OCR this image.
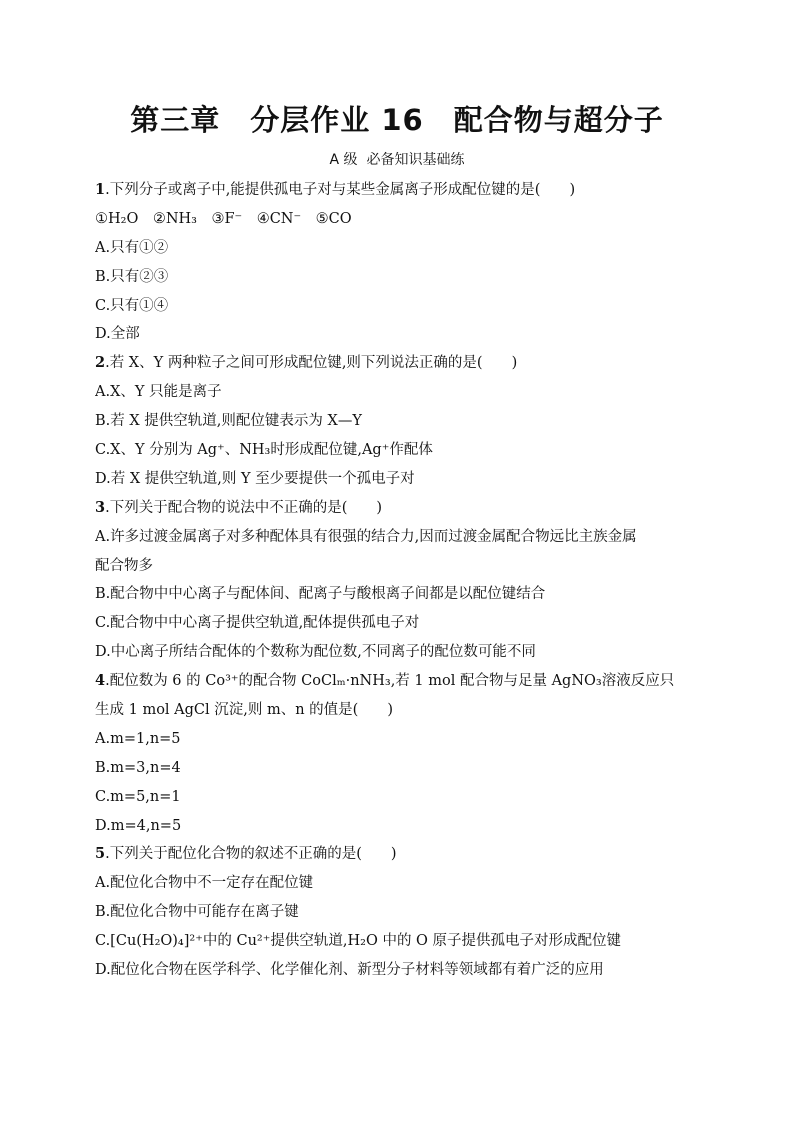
第三章　分层作业 16　配合物与超分子
A 级  必备知识基础练
1.下列分子或离子中,能提供孤电子对与某些金属离子形成配位键的是(　　)
①H₂O　②NH₃　③F⁻　④CN⁻　⑤CO
A.只有①②
B.只有②③
C.只有①④
D.全部
2.若 X、Y 两种粒子之间可形成配位键,则下列说法正确的是(　　)
A.X、Y 只能是离子
B.若 X 提供空轨道,则配位键表示为 X—Y
C.X、Y 分别为 Ag⁺、NH₃时形成配位键,Ag⁺作配体
D.若 X 提供空轨道,则 Y 至少要提供一个孤电子对
3.下列关于配合物的说法中不正确的是(　　)
A.许多过渡金属离子对多种配体具有很强的结合力,因而过渡金属配合物远比主族金属
配合物多
B.配合物中中心离子与配体间、配离子与酸根离子间都是以配位键结合
C.配合物中中心离子提供空轨道,配体提供孤电子对
D.中心离子所结合配体的个数称为配位数,不同离子的配位数可能不同
4.配位数为 6 的 Co³⁺的配合物 CoClₘ·nNH₃,若 1 mol 配合物与足量 AgNO₃溶液反应只
生成 1 mol AgCl 沉淀,则 m、n 的值是(　　)
A.m=1,n=5
B.m=3,n=4
C.m=5,n=1
D.m=4,n=5
5.下列关于配位化合物的叙述不正确的是(　　)
A.配位化合物中不一定存在配位键
B.配位化合物中可能存在离子键
C.[Cu(H₂O)₄]²⁺中的 Cu²⁺提供空轨道,H₂O 中的 O 原子提供孤电子对形成配位键
D.配位化合物在医学科学、化学催化剂、新型分子材料等领域都有着广泛的应用
